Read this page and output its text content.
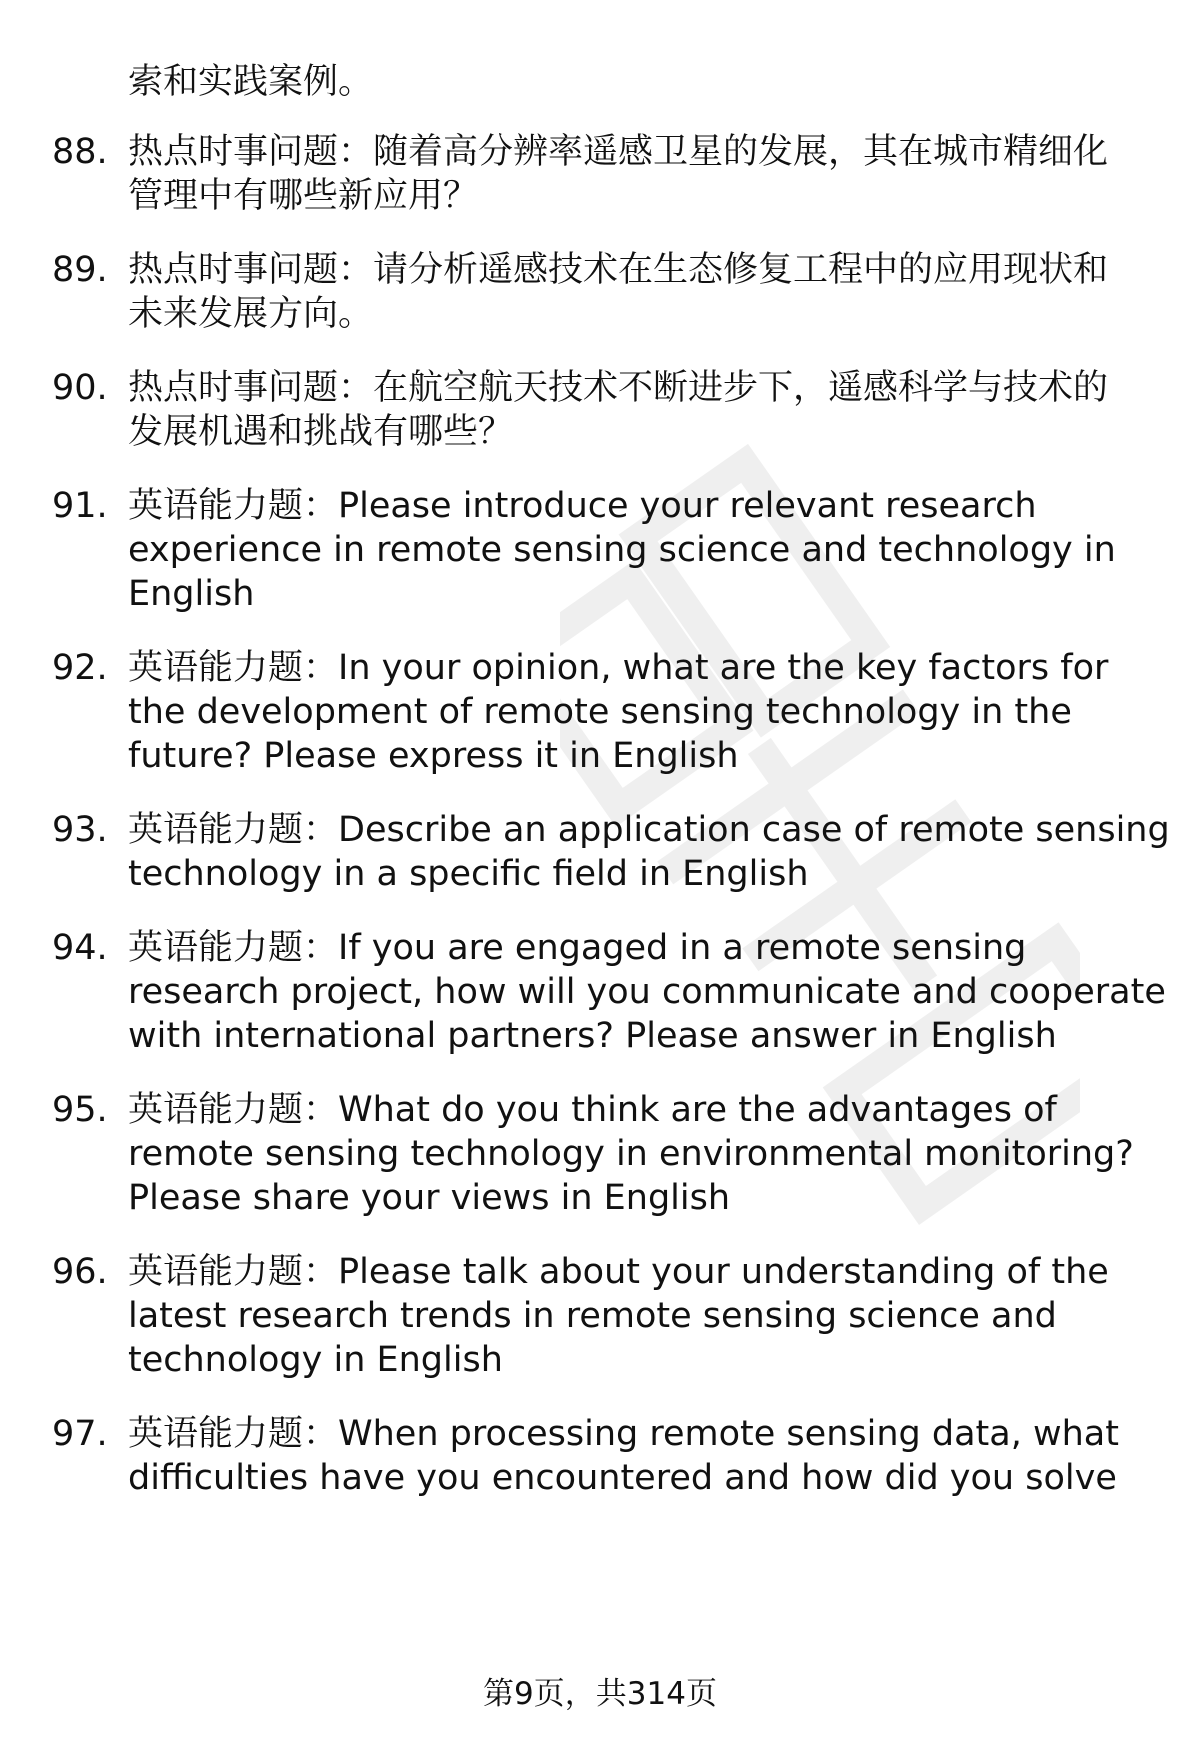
索和实践案例。
88. 热点时事问题：随着高分辨率遥感卫星的发展，其在城市精细化
管理中有哪些新应用？
89. 热点时事问题：请分析遥感技术在生态修复工程中的应用现状和
未来发展方向。
90. 热点时事问题：在航空航天技术不断进步下，遥感科学与技术的
发展机遇和挑战有哪些？
91. 英语能力题：Please introduce your relevant research
experience in remote sensing science and technology in
English
92. 英语能力题：In your opinion, what are the key factors for
the development of remote sensing technology in the
future? Please express it in English
93. 英语能力题：Describe an application case of remote sensing
technology in a specific field in English
94. 英语能力题：If you are engaged in a remote sensing
research project, how will you communicate and cooperate
with international partners? Please answer in English
95. 英语能力题：What do you think are the advantages of
remote sensing technology in environmental monitoring?
Please share your views in English
96. 英语能力题：Please talk about your understanding of the
latest research trends in remote sensing science and
technology in English
97. 英语能力题：When processing remote sensing data, what
difficulties have you encountered and how did you solve
第9页，共314页
